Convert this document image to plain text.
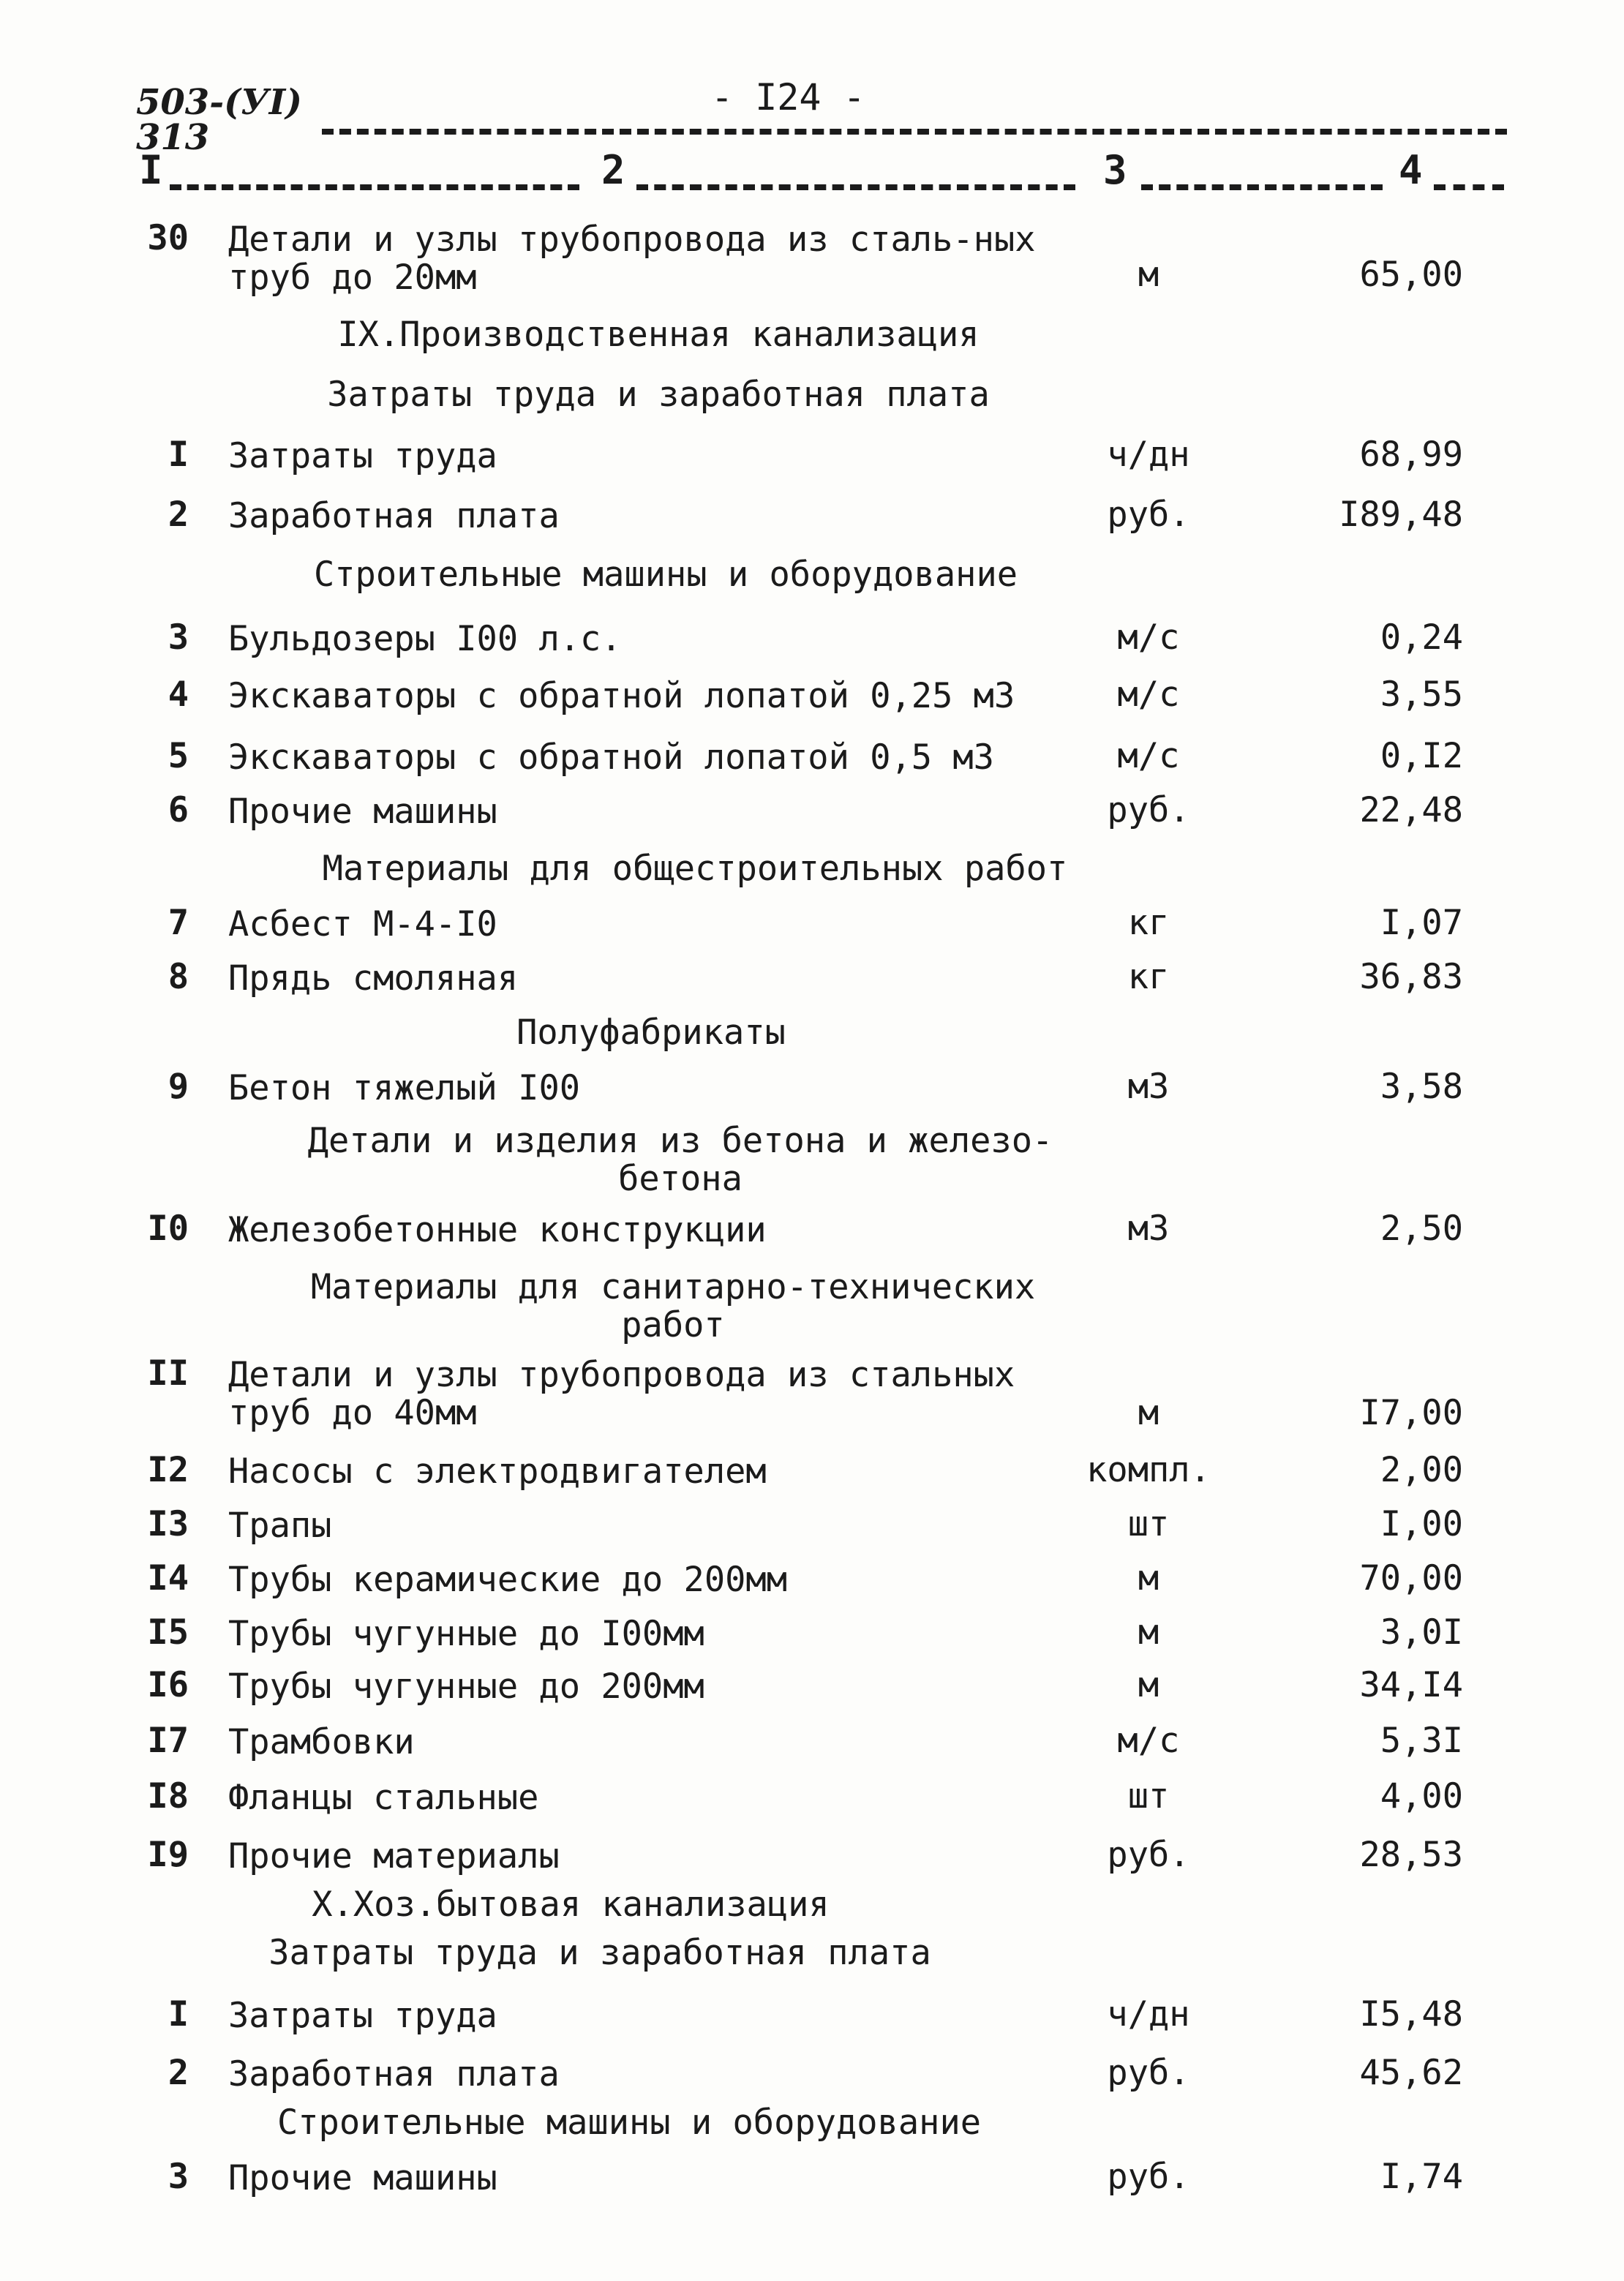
503-(УI)
313
- I24 -
I	2	3	4
30 Детали и узлы трубопровода из сталь-ных труб до 20мм	м	65,00
IX.Производственная канализация
Затраты труда и заработная плата
I Затраты труда	ч/дн	68,99
2 Заработная плата	руб.	I89,48
Строительные машины и оборудование
3 Бульдозеры I00 л.с.	м/с	0,24
4 Экскаваторы с обратной лопатой 0,25 м3	м/с	3,55
5 Экскаваторы с обратной лопатой 0,5 м3	м/с	0,I2
6 Прочие машины	руб.	22,48
Материалы для общестроительных работ
7 Асбест М-4-I0	кг	I,07
8 Прядь смоляная	кг	36,83
Полуфабрикаты
9 Бетон тяжелый I00	м3	3,58
Детали и изделия из бетона и железо-бетона
I0 Железобетонные конструкции	м3	2,50
Материалы для санитарно-технических работ
II Детали и узлы трубопровода из стальных труб до 40мм	м	I7,00
I2 Насосы с электродвигателем	компл.	2,00
I3 Трапы	шт	I,00
I4 Трубы керамические до 200мм	м	70,00
I5 Трубы чугунные до I00мм	м	3,0I
I6 Трубы чугунные до 200мм	м	34,I4
I7 Трамбовки	м/с	5,3I
I8 Фланцы стальные	шт	4,00
I9 Прочие материалы	руб.	28,53
Х.Хоз.бытовая канализация
Затраты труда и заработная плата
I Затраты труда	ч/дн	I5,48
2 Заработная плата	руб.	45,62
Строительные машины и оборудование
3 Прочие машины	руб.	I,74
